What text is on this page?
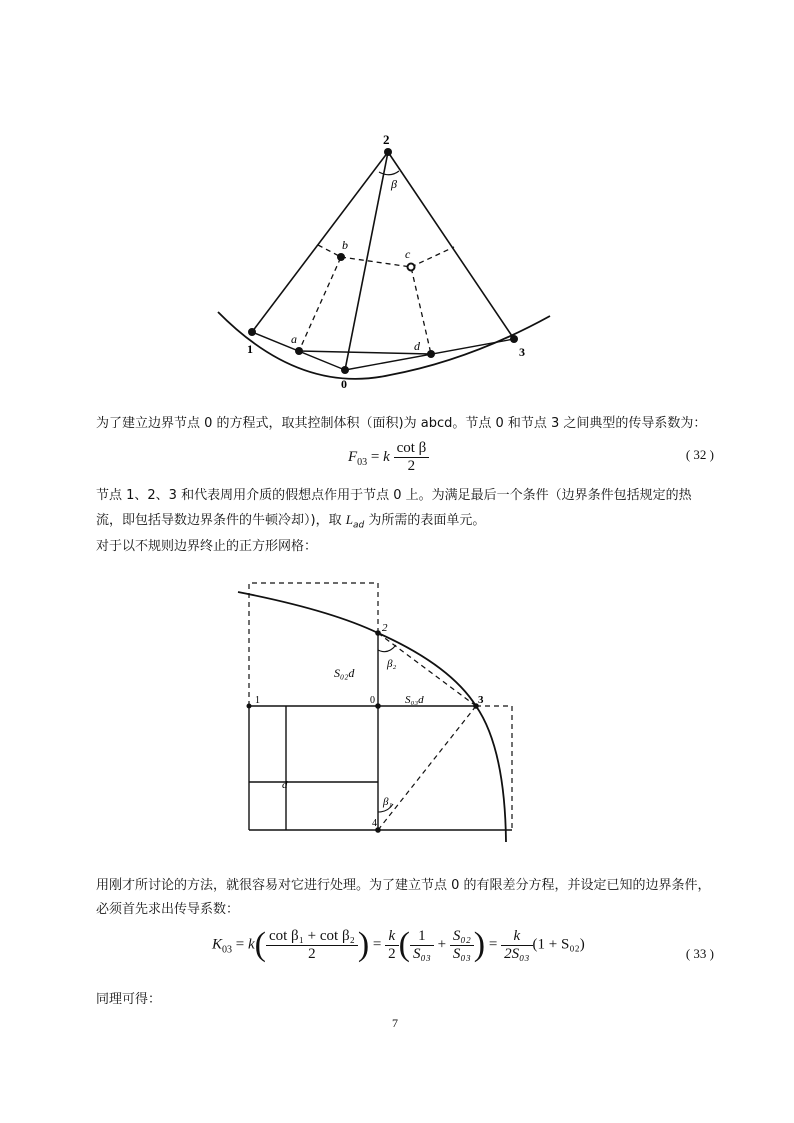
2
β
b
c
a	d
1
0
3
为了建立边界节点 0 的方程式，取其控制体积（面积)为 abcd。节点 0 和节点 3 之间典型的传导系数为：
$F_{03} = k \frac{\text{cot β}}{2}$	( 32 )
节点 1、2、3 和代表周用介质的假想点作用于节点 0 上。为满足最后一个条件（边界条件包括规定的热流，即包括导数边界条件的牛顿冷却）)，取 $L_{ad}$ 为所需的表面单元。
对于以不规则边界终止的正方形网格：
2
β₂
S₀₂d
1	0	S₀₃d	3
d
β₁
4
用刚才所讨论的方法，就很容易对它进行处理。为了建立节点 0 的有限差分方程，并设定已知的边界条件，必须首先求出传导系数：
$K_{03} = k( \frac{\text{cot β₁ + cot β₂}}{2}$ ) = $\frac{k}{2}$ ( $\frac{1}{\text{S₀₃}} + \frac{\text{S₀₂}}{\text{S₀₃}}$ ) = $\frac{k}{\text{2S₀₃}} (1 + S_{02})$
( 33 )
同理可得：
7
